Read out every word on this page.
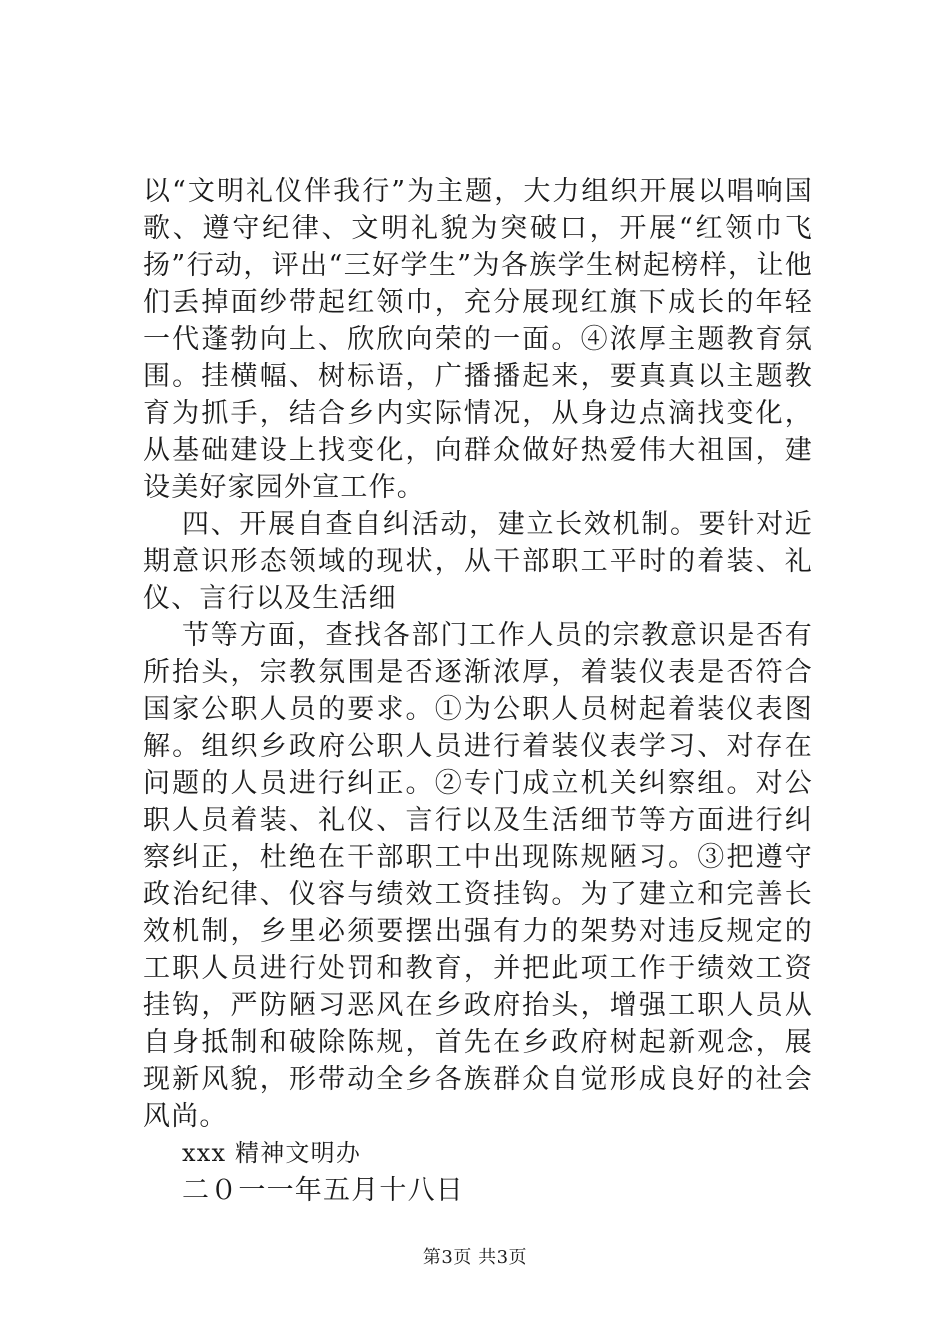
以“文明礼仪伴我行”为主题，大力组织开展以唱响国歌、遵守纪律、文明礼貌为突破口，开展“红领巾飞扬”行动，评出“三好学生”为各族学生树起榜样，让他们丢掉面纱带起红领巾，充分展现红旗下成长的年轻一代蓬勃向上、欣欣向荣的一面。④浓厚主题教育氛围。挂横幅、树标语，广播播起来，要真真以主题教育为抓手，结合乡内实际情况，从身边点滴找变化，从基础建设上找变化，向群众做好热爱伟大祖国，建设美好家园外宣工作。

四、开展自查自纠活动，建立长效机制。要针对近期意识形态领域的现状，从干部职工平时的着装、礼仪、言行以及生活细

节等方面，查找各部门工作人员的宗教意识是否有所抬头，宗教氛围是否逐渐浓厚，着装仪表是否符合国家公职人员的要求。①为公职人员树起着装仪表图解。组织乡政府公职人员进行着装仪表学习、对存在问题的人员进行纠正。②专门成立机关纠察组。对公职人员着装、礼仪、言行以及生活细节等方面进行纠察纠正，杜绝在干部职工中出现陈规陋习。③把遵守政治纪律、仪容与绩效工资挂钩。为了建立和完善长效机制，乡里必须要摆出强有力的架势对违反规定的工职人员进行处罚和教育，并把此项工作于绩效工资挂钩，严防陋习恶风在乡政府抬头，增强工职人员从自身抵制和破除陈规，首先在乡政府树起新观念，展现新风貌，形带动全乡各族群众自觉形成良好的社会风尚。

xxx 精神文明办

二０一一年五月十八日

第3页 共3页
